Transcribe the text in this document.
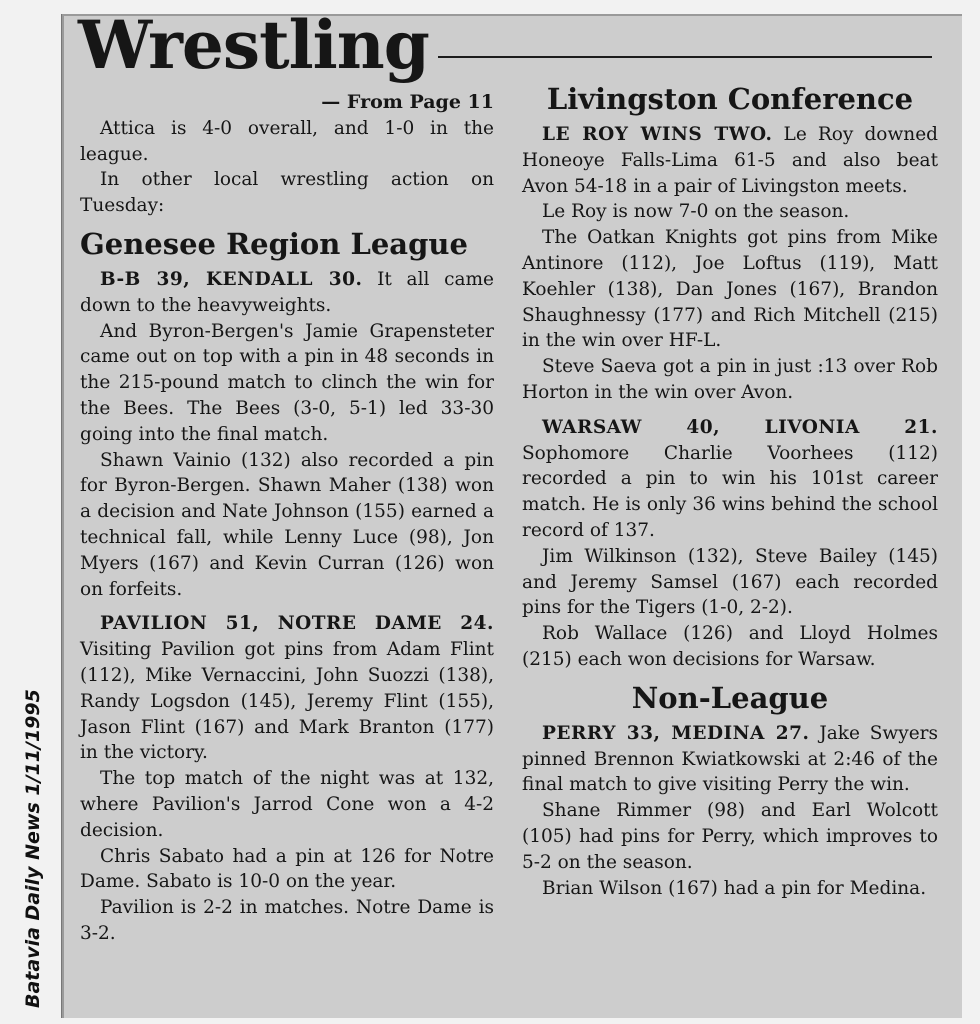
Wrestling
— From Page 11

Attica is 4-0 overall, and 1-0 in the league.

In other local wrestling action on Tuesday:

Genesee Region League

B-B 39, KENDALL 30. It all came down to the heavyweights.

And Byron-Bergen's Jamie Grapensteter came out on top with a pin in 48 seconds in the 215-pound match to clinch the win for the Bees. The Bees (3-0, 5-1) led 33-30 going into the final match.

Shawn Vainio (132) also recorded a pin for Byron-Bergen. Shawn Maher (138) won a decision and Nate Johnson (155) earned a technical fall, while Lenny Luce (98), Jon Myers (167) and Kevin Curran (126) won on forfeits.

PAVILION 51, NOTRE DAME 24. Visiting Pavilion got pins from Adam Flint (112), Mike Vernaccini, John Suozzi (138), Randy Logsdon (145), Jeremy Flint (155), Jason Flint (167) and Mark Branton (177) in the victory.

The top match of the night was at 132, where Pavilion's Jarrod Cone won a 4-2 decision.

Chris Sabato had a pin at 126 for Notre Dame. Sabato is 10-0 on the year.

Pavilion is 2-2 in matches. Notre Dame is 3-2.

Livingston Conference

LE ROY WINS TWO. Le Roy downed Honeoye Falls-Lima 61-5 and also beat Avon 54-18 in a pair of Livingston meets.

Le Roy is now 7-0 on the season.

The Oatkan Knights got pins from Mike Antinore (112), Joe Loftus (119), Matt Koehler (138), Dan Jones (167), Brandon Shaughnessy (177) and Rich Mitchell (215) in the win over HF-L.

Steve Saeva got a pin in just :13 over Rob Horton in the win over Avon.

WARSAW 40, LIVONIA 21. Sophomore Charlie Voorhees (112) recorded a pin to win his 101st career match. He is only 36 wins behind the school record of 137.

Jim Wilkinson (132), Steve Bailey (145) and Jeremy Samsel (167) each recorded pins for the Tigers (1-0, 2-2).

Rob Wallace (126) and Lloyd Holmes (215) each won decisions for Warsaw.

Non-League

PERRY 33, MEDINA 27. Jake Swyers pinned Brennon Kwiatkowski at 2:46 of the final match to give visiting Perry the win.

Shane Rimmer (98) and Earl Wolcott (105) had pins for Perry, which improves to 5-2 on the season.

Brian Wilson (167) had a pin for Medina.

Batavia Daily News 1/11/1995
